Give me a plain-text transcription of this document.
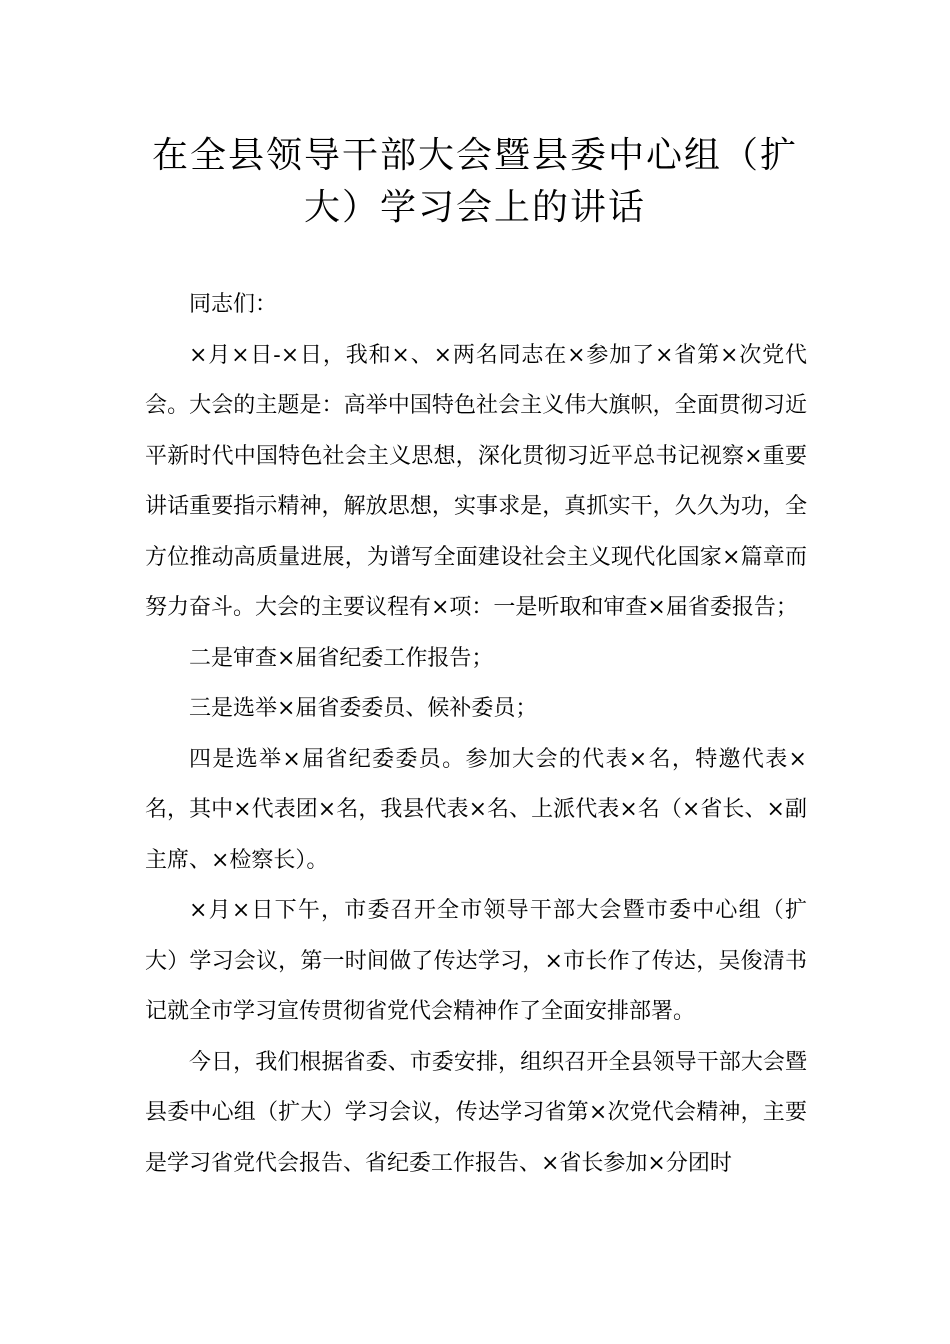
在全县领导干部大会暨县委中心组（扩
大）学习会上的讲话

同志们：

×月×日-×日，我和×、×两名同志在×参加了×省第×次党代会。大会的主题是：高举中国特色社会主义伟大旗帜，全面贯彻习近平新时代中国特色社会主义思想，深化贯彻习近平总书记视察×重要讲话重要指示精神，解放思想，实事求是，真抓实干，久久为功，全方位推动高质量进展，为谱写全面建设社会主义现代化国家×篇章而努力奋斗。大会的主要议程有×项：一是听取和审查×届省委报告；

二是审查×届省纪委工作报告；

三是选举×届省委委员、候补委员；

四是选举×届省纪委委员。参加大会的代表×名，特邀代表×名，其中×代表团×名，我县代表×名、上派代表×名（×省长、×副主席、×检察长）。

×月×日下午，市委召开全市领导干部大会暨市委中心组（扩大）学习会议，第一时间做了传达学习，×市长作了传达，吴俊清书记就全市学习宣传贯彻省党代会精神作了全面安排部署。

今日，我们根据省委、市委安排，组织召开全县领导干部大会暨县委中心组（扩大）学习会议，传达学习省第×次党代会精神，主要是学习省党代会报告、省纪委工作报告、×省长参加×分团时
